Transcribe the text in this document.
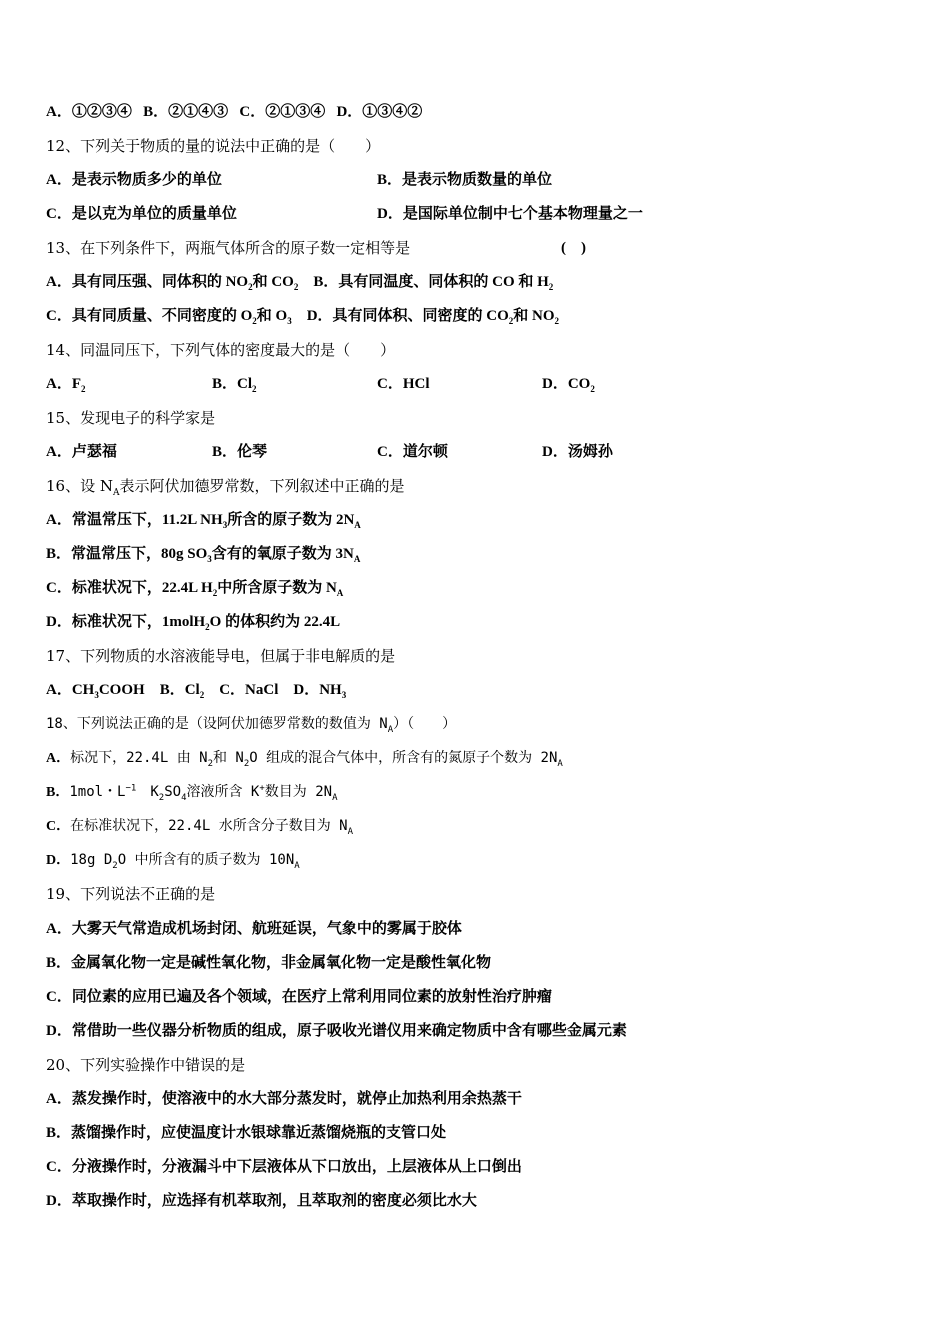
A．①②③④ B．②①④③ C．②①③④ D．①③④②
12、下列关于物质的量的说法中正确的是（　　）
A．是表示物质多少的单位	B．是表示物质数量的单位
C．是以克为单位的质量单位	D．是国际单位制中七个基本物理量之一
13、在下列条件下，两瓶气体所含的原子数一定相等是	(　)
A．具有同压强、同体积的 $NO_2$和 $CO_2$ B．具有同温度、同体积的 CO 和 $H_2$
C．具有同质量、不同密度的 $O_2$和 $O_3$ D．具有同体积、同密度的 $CO_2$和 $NO_2$
14、同温同压下，下列气体的密度最大的是（　　）
A．$F_2$	B．$Cl_2$	C．HCl	D．$CO_2$
15、发现电子的科学家是
A．卢瑟福	B．伦琴	C．道尔顿	D．汤姆孙
16、设 $N_A$表示阿伏加德罗常数，下列叙述中正确的是
A．常温常压下，11.2L $NH_3$所含的原子数为 $2N_A$
B．常温常压下，80g $SO_3$含有的氧原子数为 $3N_A$
C．标准状况下，22.4L $H_2$中所含原子数为 $N_A$
D．标准状况下，1molH$_2$O 的体积约为 22.4L
17、下列物质的水溶液能导电，但属于非电解质的是
A．$CH_3COOH$ B．$Cl_2$ C．NaCl D．$NH_3$
18、下列说法正确的是（设阿伏加德罗常数的数值为 $N_A$）（　　）
A．标况下，22.4L 由 $N_2$和 $N_2O$ 组成的混合气体中，所含有的氮原子个数为 $2N_A$
B．1mol・$L^{-1}$　$K_2SO_4$溶液所含 K+数目为 $2N_A$
C．在标准状况下，22.4L 水所含分子数目为 $N_A$
D．18g $D_2O$ 中所含有的质子数为 $10N_A$
19、下列说法不正确的是
A．大雾天气常造成机场封闭、航班延误，气象中的雾属于胶体
B．金属氧化物一定是碱性氧化物，非金属氧化物一定是酸性氧化物
C．同位素的应用已遍及各个领域，在医疗上常利用同位素的放射性治疗肿瘤
D．常借助一些仪器分析物质的组成，原子吸收光谱仪用来确定物质中含有哪些金属元素
20、下列实验操作中错误的是
A．蒸发操作时，使溶液中的水大部分蒸发时，就停止加热利用余热蒸干
B．蒸馏操作时，应使温度计水银球靠近蒸馏烧瓶的支管口处
C．分液操作时，分液漏斗中下层液体从下口放出，上层液体从上口倒出
D．萃取操作时，应选择有机萃取剂，且萃取剂的密度必须比水大
